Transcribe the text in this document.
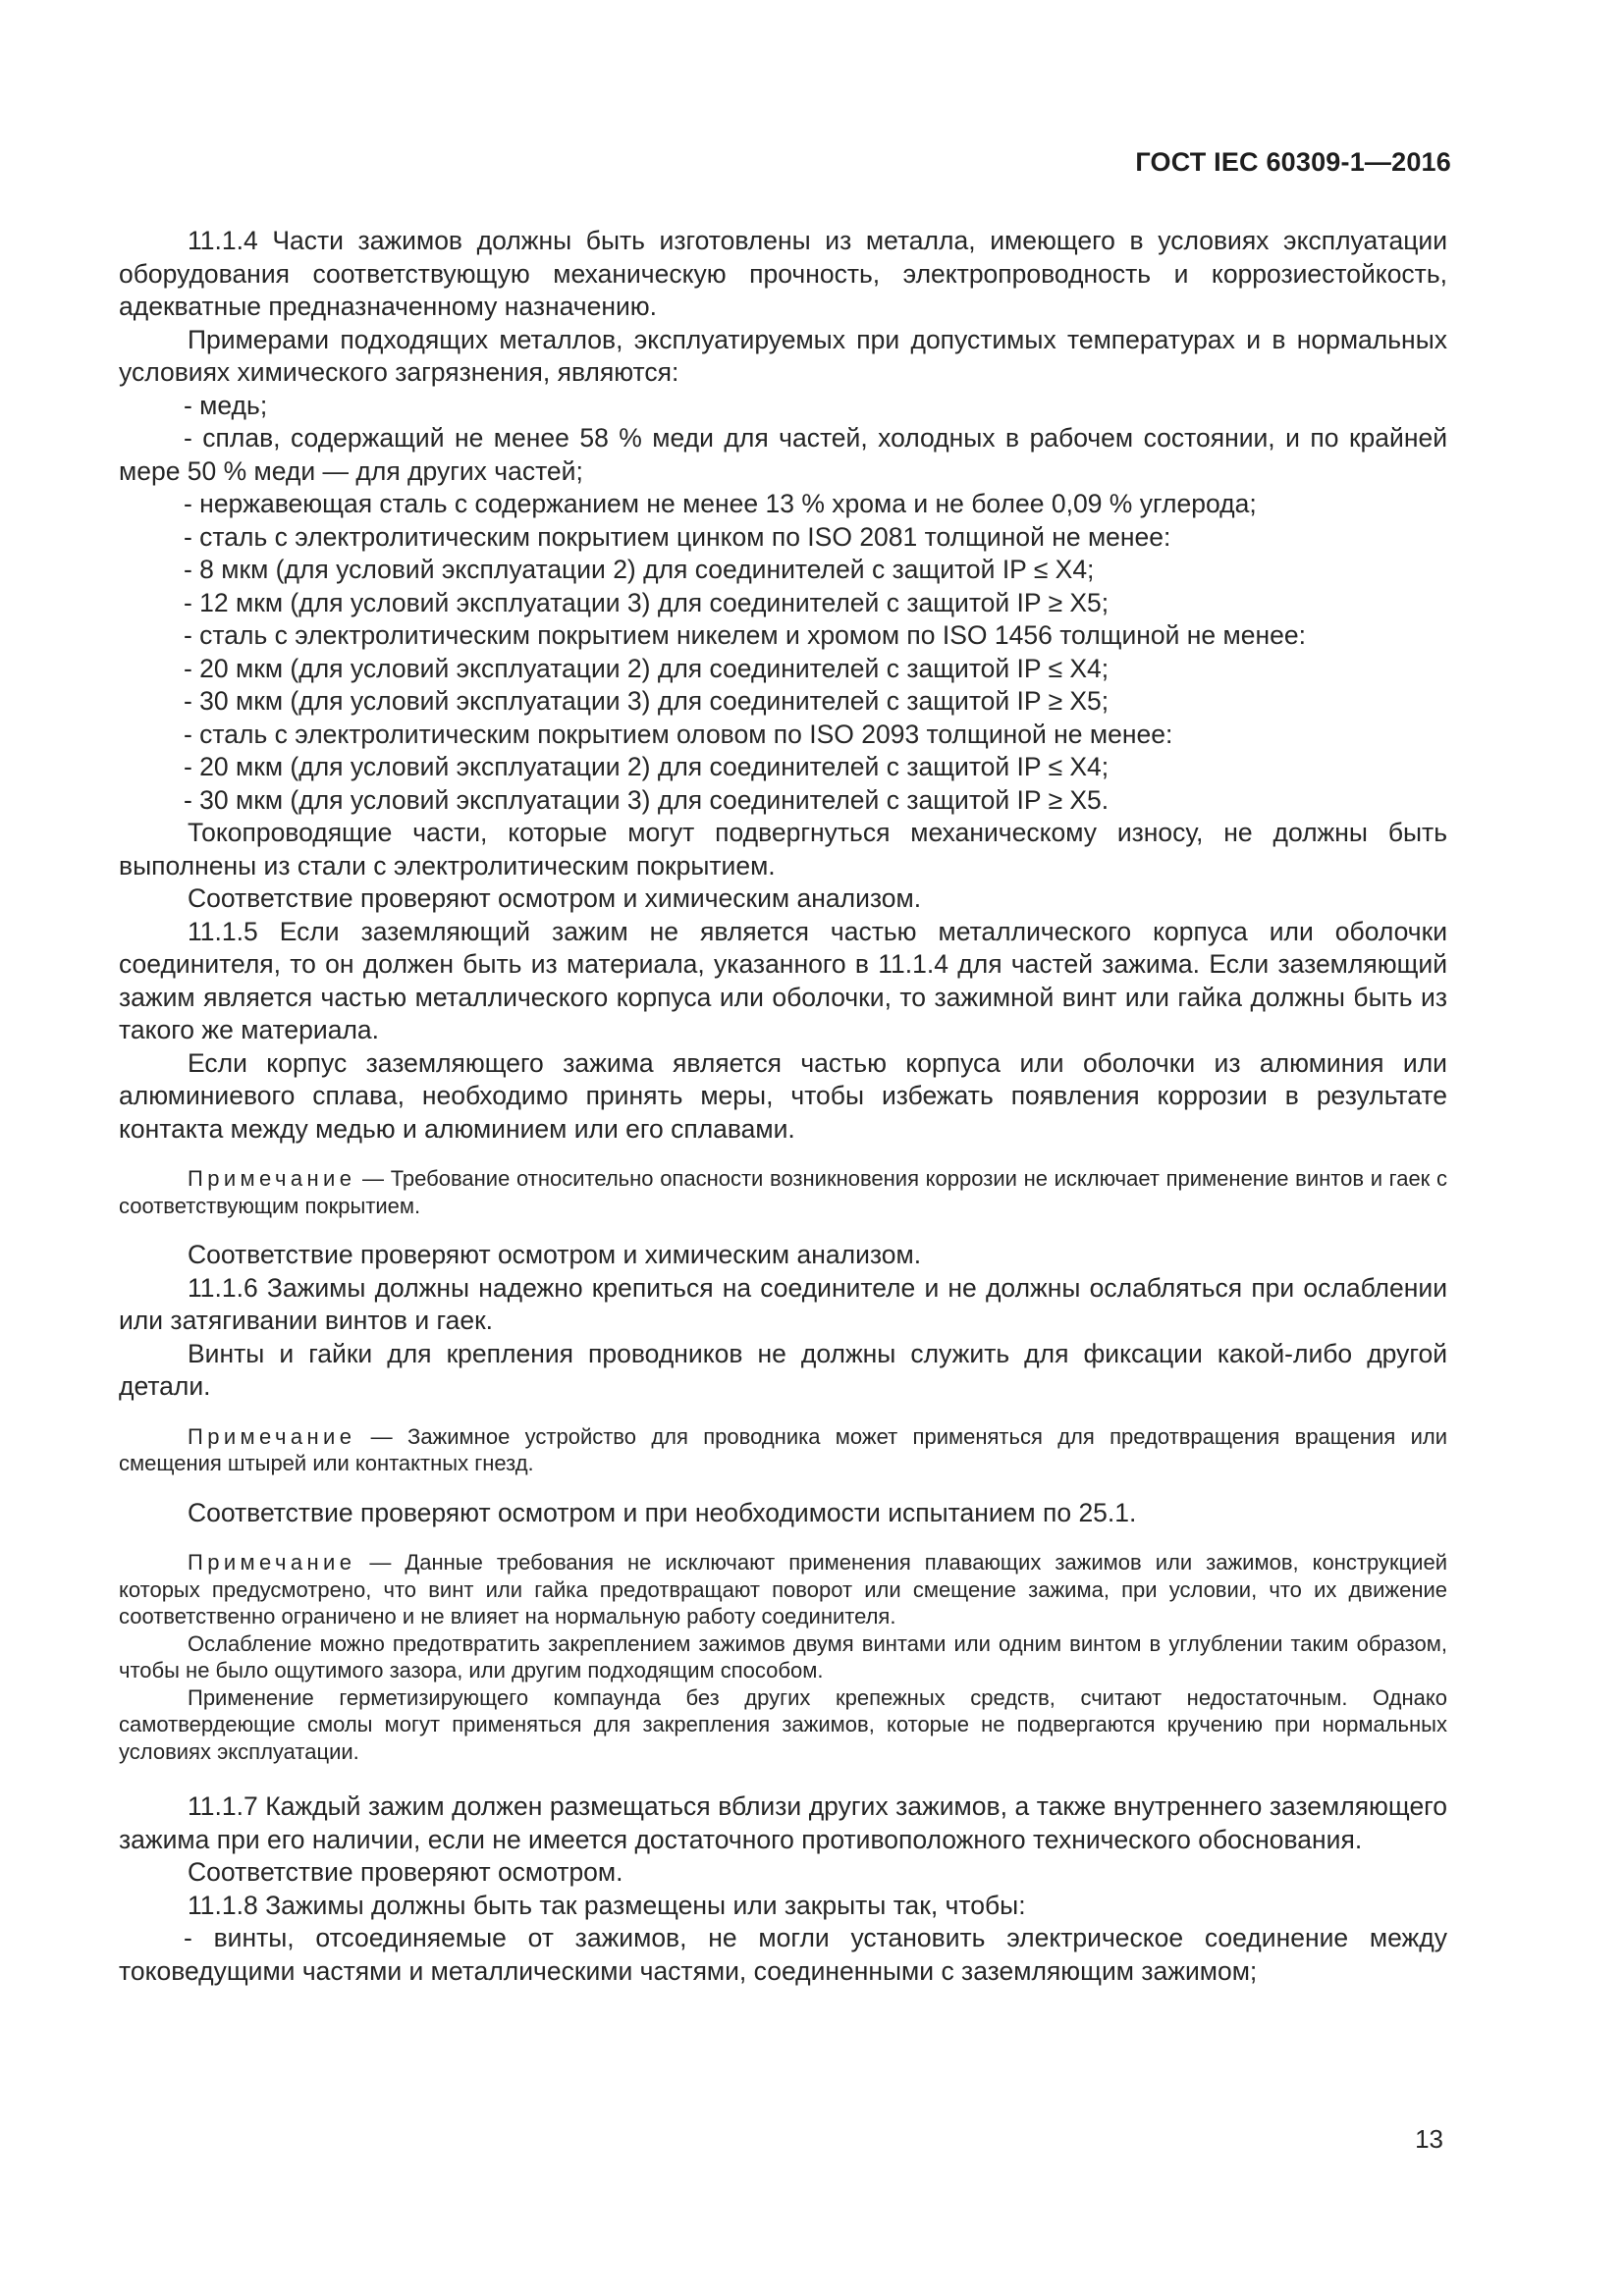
ГОСТ IEC 60309-1—2016

11.1.4 Части зажимов должны быть изготовлены из металла, имеющего в условиях эксплуатации оборудования соответствующую механическую прочность, электропроводность и коррозиестойкость, адекватные предназначенному назначению.

Примерами подходящих металлов, эксплуатируемых при допустимых температурах и в нормальных условиях химического загрязнения, являются:

- медь;

- сплав, содержащий не менее 58 % меди для частей, холодных в рабочем состоянии, и по крайней мере 50 % меди — для других частей;

- нержавеющая сталь с содержанием не менее 13 % хрома и не более 0,09 % углерода;

- сталь с электролитическим покрытием цинком по ISO 2081 толщиной не менее:

- 8 мкм (для условий эксплуатации 2) для соединителей с защитой IP ≤ X4;

- 12 мкм (для условий эксплуатации 3) для соединителей с защитой IP ≥ X5;

- сталь с электролитическим покрытием никелем и хромом по ISO 1456 толщиной не менее:

- 20 мкм (для условий эксплуатации 2) для соединителей с защитой IP ≤ X4;

- 30 мкм (для условий эксплуатации 3) для соединителей с защитой IP ≥ X5;

- сталь с электролитическим покрытием оловом по ISO 2093 толщиной не менее:

- 20 мкм (для условий эксплуатации 2) для соединителей с защитой IP ≤ X4;

- 30 мкм (для условий эксплуатации 3) для соединителей с защитой IP ≥ X5.

Токопроводящие части, которые могут подвергнуться механическому износу, не должны быть выполнены из стали с электролитическим покрытием.

Соответствие проверяют осмотром и химическим анализом.

11.1.5 Если заземляющий зажим не является частью металлического корпуса или оболочки соединителя, то он должен быть из материала, указанного в 11.1.4 для частей зажима. Если заземляющий зажим является частью металлического корпуса или оболочки, то зажимной винт или гайка должны быть из такого же материала.

Если корпус заземляющего зажима является частью корпуса или оболочки из алюминия или алюминиевого сплава, необходимо принять меры, чтобы избежать появления коррозии в результате контакта между медью и алюминием или его сплавами.

Примечание — Требование относительно опасности возникновения коррозии не исключает применение винтов и гаек с соответствующим покрытием.

Соответствие проверяют осмотром и химическим анализом.

11.1.6 Зажимы должны надежно крепиться на соединителе и не должны ослабляться при ослаблении или затягивании винтов и гаек.

Винты и гайки для крепления проводников не должны служить для фиксации какой-либо другой детали.

Примечание — Зажимное устройство для проводника может применяться для предотвращения вращения или смещения штырей или контактных гнезд.

Соответствие проверяют осмотром и при необходимости испытанием по 25.1.

Примечание — Данные требования не исключают применения плавающих зажимов или зажимов, конструкцией которых предусмотрено, что винт или гайка предотвращают поворот или смещение зажима, при условии, что их движение соответственно ограничено и не влияет на нормальную работу соединителя.

Ослабление можно предотвратить закреплением зажимов двумя винтами или одним винтом в углублении таким образом, чтобы не было ощутимого зазора, или другим подходящим способом.

Применение герметизирующего компаунда без других крепежных средств, считают недостаточным. Однако самотвердеющие смолы могут применяться для закрепления зажимов, которые не подвергаются кручению при нормальных условиях эксплуатации.

11.1.7 Каждый зажим должен размещаться вблизи других зажимов, а также внутреннего заземляющего зажима при его наличии, если не имеется достаточного противоположного технического обоснования.

Соответствие проверяют осмотром.

11.1.8 Зажимы должны быть так размещены или закрыты так, чтобы:

- винты, отсоединяемые от зажимов, не могли установить электрическое соединение между токоведущими частями и металлическими частями, соединенными с заземляющим зажимом;

13
